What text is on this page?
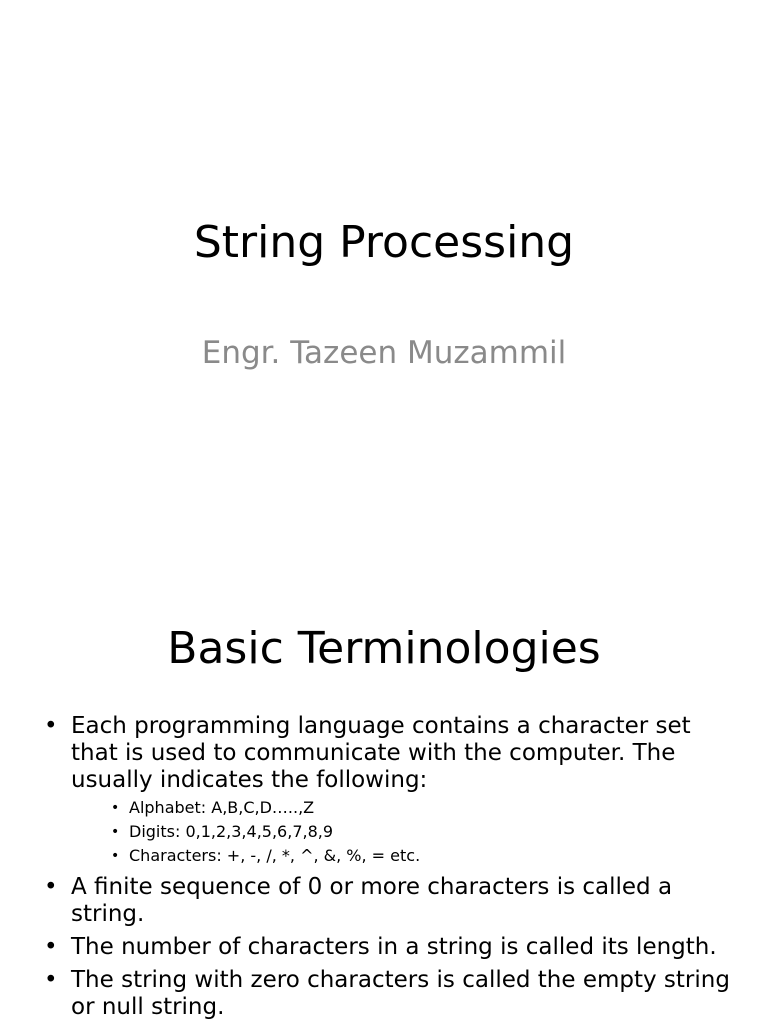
String Processing
Engr. Tazeen Muzammil
Basic Terminologies
• Each programming language contains a character set that is used to communicate with the computer. The usually indicates the following:
• Alphabet: A,B,C,D…..,Z
• Digits: 0,1,2,3,4,5,6,7,8,9
• Characters: +, -, /, *, ^, &, %, = etc.
• A finite sequence of 0 or more characters is called a string.
• The number of characters in a string is called its length.
• The string with zero characters is called the empty string or null string.
